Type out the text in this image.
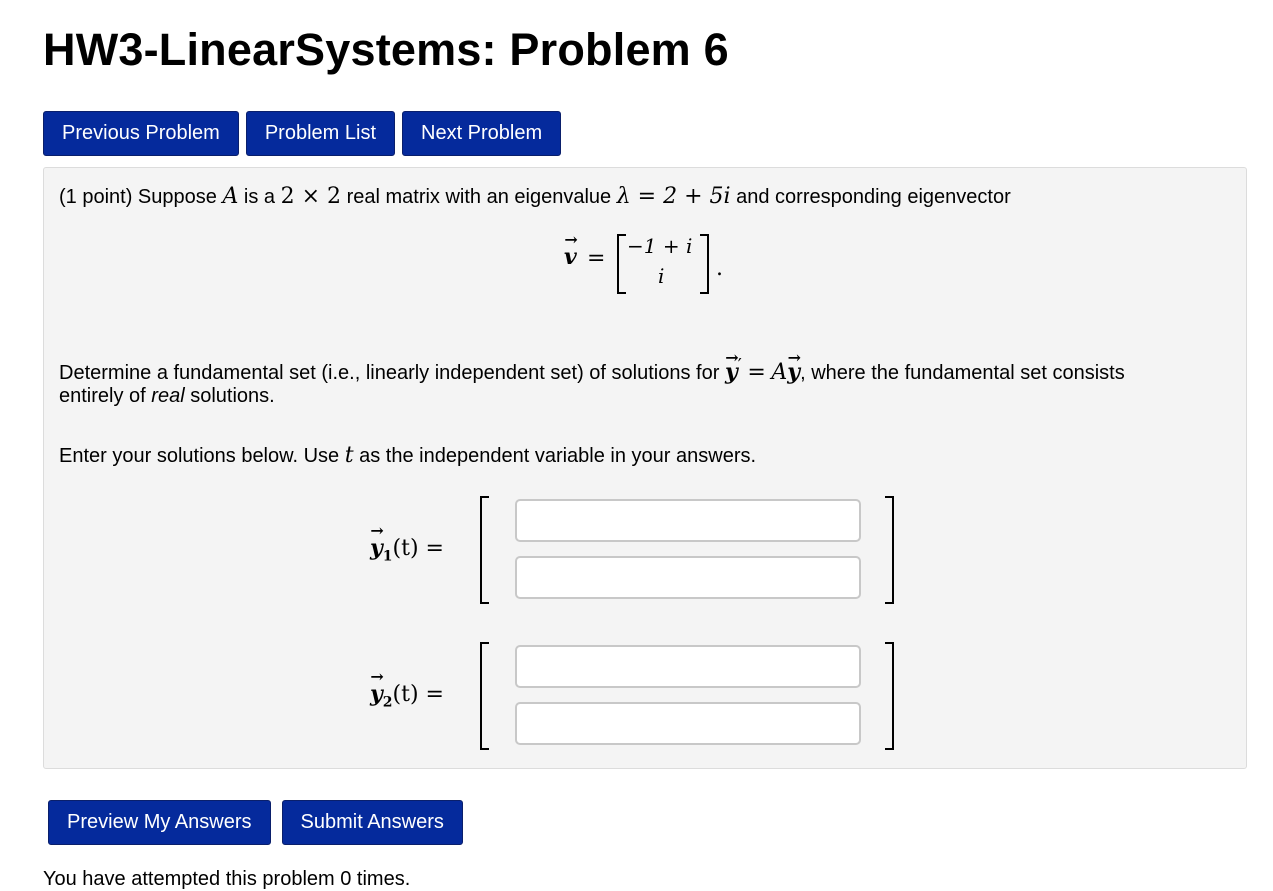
HW3-LinearSystems: Problem 6
Previous Problem	Problem List	Next Problem
(1 point) Suppose A is a 2 × 2 real matrix with an eigenvalue λ = 2 + 5i and corresponding eigenvector
→ v = −1 + i
i .
Determine a fundamental set (i.e., linearly independent set) of solutions for → y′ = A→ y, where the fundamental set consists
entirely of real solutions.
Enter your solutions below. Use t as the independent variable in your answers.
→ $y_1(t)$ =
→ $y_2(t)$ =
Preview My Answers	Submit Answers
You have attempted this problem 0 times.
